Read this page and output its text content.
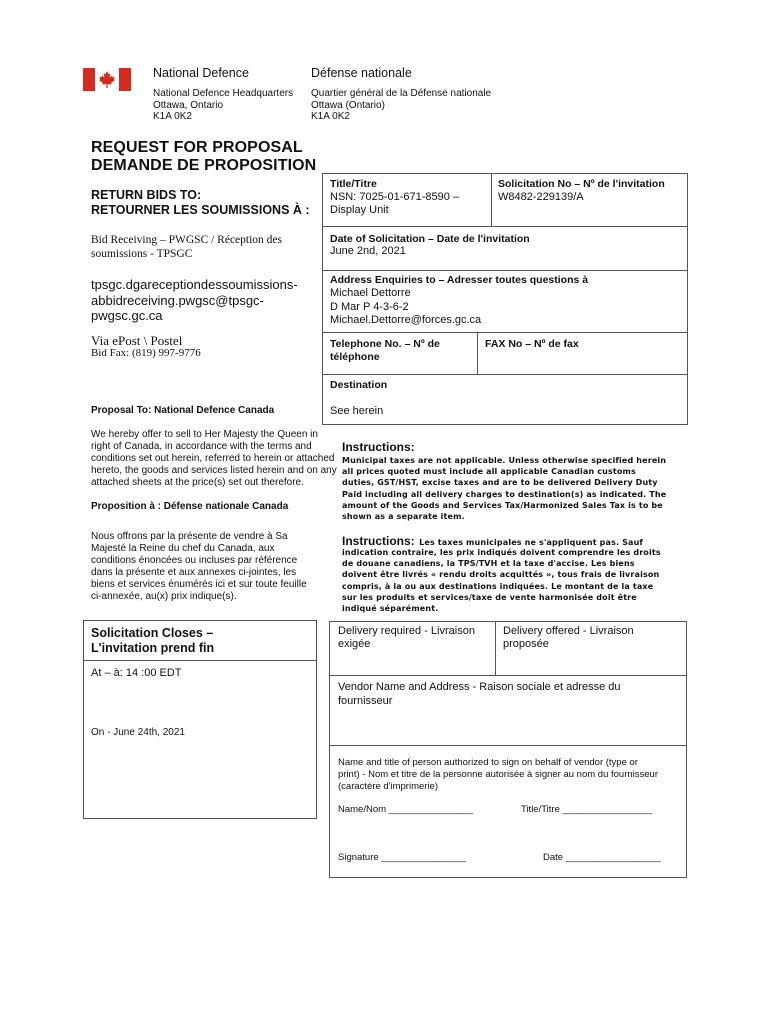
National Defence	Défense nationale
National Defence Headquarters
Ottawa, Ontario
K1A 0K2
Quartier général de la Défense nationale
Ottawa (Ontario)
K1A 0K2
REQUEST FOR PROPOSAL
DEMANDE DE PROPOSITION
RETURN BIDS TO:
RETOURNER LES SOUMISSIONS À :
Bid Receiving – PWGSC / Réception des
soumissions - TPSGC
tpsgc.dgareceptiondessoumissions-
abbidreceiving.pwgsc@tpsgc-
pwgsc.gc.ca
Via ePost \ Postel
Bid Fax: (819) 997-9776
Proposal To: National Defence Canada
We hereby offer to sell to Her Majesty the Queen in
right of Canada, in accordance with the terms and
conditions set out herein, referred to herein or attached
hereto, the goods and services listed herein and on any
attached sheets at the price(s) set out therefore.
Proposition à : Défense nationale Canada
Nous offrons par la présente de vendre à Sa
Majesté la Reine du chef du Canada, aux
conditions énoncées ou incluses par référence
dans la présente et aux annexes ci-jointes, les
biens et services énumérés ici et sur toute feuille
ci-annexée, au(x) prix indique(s).
Title/Titre
NSN: 7025-01-671-8590 –
Display Unit
Solicitation No – Nº de l'invitation
W8482-229139/A
Date of Solicitation – Date de l'invitation
June 2nd, 2021
Address Enquiries to – Adresser toutes questions à
Michael Dettorre
D Mar P 4-3-6-2
Michael.Dettorre@forces.gc.ca
Telephone No. – Nº de
téléphone
FAX No – Nº de fax
Destination
See herein
Instructions:
Municipal taxes are not applicable. Unless otherwise specified herein
all prices quoted must include all applicable Canadian customs
duties, GST/HST, excise taxes and are to be delivered Delivery Duty
Paid including all delivery charges to destination(s) as indicated. The
amount of the Goods and Services Tax/Harmonized Sales Tax is to be
shown as a separate item.
Instructions: Les taxes municipales ne s'appliquent pas. Sauf
indication contraire, les prix indiqués doivent comprendre les droits
de douane canadiens, la TPS/TVH et la taxe d'accise. Les biens
doivent être livrés « rendu droits acquittés », tous frais de livraison
compris, à la ou aux destinations indiquées. Le montant de la taxe
sur les produits et services/taxe de vente harmonisée doit être
indiqué séparément.
Solicitation Closes –
L'invitation prend fin
At – à: 14 :00 EDT
On - June 24th, 2021
Delivery required - Livraison
exigée
Delivery offered - Livraison
proposée
Vendor Name and Address - Raison sociale et adresse du
fournisseur
Name and title of person authorized to sign on behalf of vendor (type or
print) - Nom et titre de la personne autorisée à signer au nom du fournisseur
(caractère d'imprimerie)
Name/Nom ________________	Title/Titre _________________
Signature ________________	Date __________________
